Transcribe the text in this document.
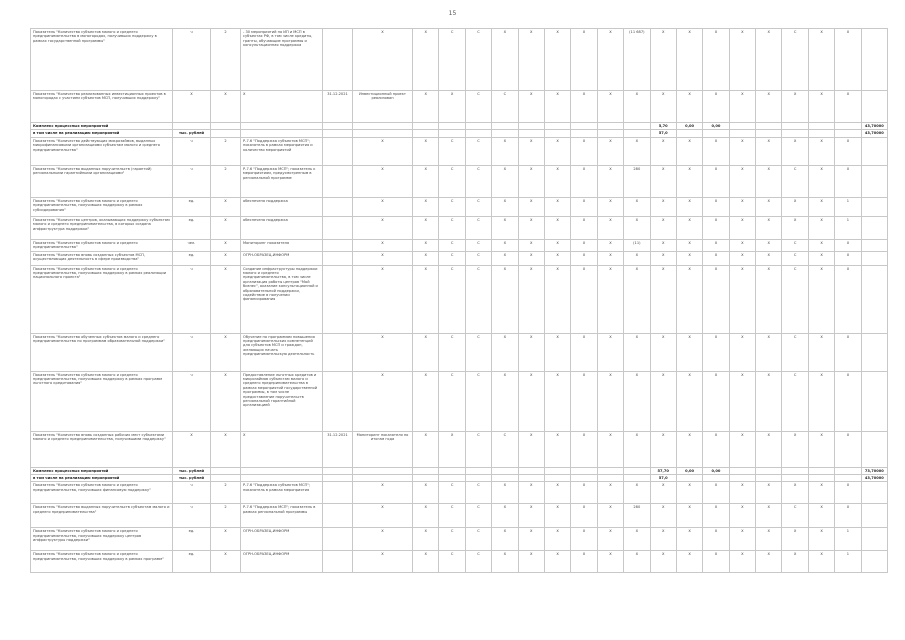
15
Показатель "Количество субъектов малого и среднего предпринимательства в моногородах, получивших поддержку в рамках государственной программы"	ч	2	- 30 мероприятий по ИП и МСП в субъектах РФ, в том числе кредиты, гранты, обучающие программы и консультационная поддержка		Х	Х	С	С	Х	Х	Х	Х	Х	(11 687)	Х	Х	Х	Х	Х	С	Х	Х	
Показатель "Количество реализованных инвестиционных проектов в моногородах с участием субъектов МСП, получивших поддержку"	Х	Х	Х	31.12.2021	Инвестиционный проект реализован	Х	Х	С	С	Х	Х	Х	Х	Х	Х	Х	Х	Х	Х	Х	Х	Х	
Комплекс процессных мероприятий															5,70	0,00	0,00						43,70000
в том числе на реализацию мероприятий	тыс. рублей														57,0								43,70000
Показатель "Количество действующих микрозаймов, выданных микрофинансовыми организациями субъектам малого и среднего предпринимательства"	ч	2	Р-7.6 "Поддержка субъектов МСП"; показатель в рамках мероприятия и количество мероприятий		Х	Х	С	С	Х	Х	Х	Х	Х	Х	Х	Х	Х	Х	Х	Х	Х	Х	
Показатель "Количество выданных поручительств (гарантий) региональными гарантийными организациями"	ч	2	Р-7.6 "Поддержка МСП"; показатель к мероприятиям, предусмотренным в региональной программе		Х	Х	С	С	Х	Х	Х	Х	Х	280	Х	Х	Х	Х	Х	С	Х	Х	
Показатель "Количество субъектов малого и среднего предпринимательства, получивших поддержку в рамках субсидирования"	ед.	Х	обеспечена поддержка		Х	Х	С	С	Х	Х	Х	Х	Х	Х	Х	Х	Х	Х	Х	Х	Х	1	
Показатель "Количество центров, оказывающих поддержку субъектам малого и среднего предпринимательства, в которых создана инфраструктура поддержки"	ед.	Х	обеспечена поддержка		Х	Х	С	С	Х	Х	Х	Х	Х	Х	Х	Х	Х	Х	Х	Х	Х	1	
Показатель "Количество субъектов малого и среднего предпринимательства"	чел.	Х	Мониторинг показателя		Х	Х	С	С	Х	Х	Х	Х	Х	(11)	Х	Х	Х	Х	Х	С	Х	Х	
Показатель "Количество вновь созданных субъектов МСП, осуществляющих деятельность в сфере производства"	ед.	Х	ОГРН-ОБРАЗЕЦ-ИНФОРМ		Х	Х	С	С	Х	Х	Х	Х	Х	Х	Х	Х	Х	Х	Х	С	Х	Х	
Показатель "Количество субъектов малого и среднего предпринимательства, получивших поддержку в рамках реализации национального проекта"	ч	Х	Создание инфраструктуры поддержки малого и среднего предпринимательства, в том числе организация работы центров "Мой бизнес", оказание консультационной и образовательной поддержки, содействие в получении финансирования		Х	Х	С	С	Х	Х	Х	Х	Х	Х	Х	Х	Х	Х	Х	С	Х	Х	
Показатель "Количество обученных субъектов малого и среднего предпринимательства по программам образовательной поддержки"	ч	Х	Обучение по программам повышения предпринимательских компетенций для субъектов МСП и граждан, желающих начать предпринимательскую деятельность		Х	Х	С	С	Х	Х	Х	Х	Х	Х	Х	Х	Х	Х	Х	С	Х	Х	
Показатель "Количество субъектов малого и среднего предпринимательства, получивших поддержку в рамках программ льготного кредитования"	ч	Х	Предоставление льготных кредитов и микрозаймов субъектам малого и среднего предпринимательства в рамках мероприятий государственной программы, в том числе предоставление поручительств региональной гарантийной организацией		Х	Х	С	С	Х	Х	Х	Х	Х	Х	Х	Х	Х	Х	Х	С	Х	Х	
Показатель "Количество вновь созданных рабочих мест субъектами малого и среднего предпринимательства, получившими поддержку"	Х	Х	Х	31.12.2021	Мониторинг показателя по итогам года	Х	Х	С	С	Х	Х	Х	Х	Х	Х	Х	Х	Х	Х	Х	Х	Х	
Комплекс процессных мероприятий	тыс. рублей														57,70	0,00	0,00						73,70000
в том числе на реализацию мероприятий	тыс. рублей														57,0								43,70000
Показатель "Количество субъектов малого и среднего предпринимательства, получивших финансовую поддержку"	ч	2	Р-7.6 "Поддержка субъектов МСП"; показатель в рамках мероприятия		Х	Х	С	С	Х	Х	Х	Х	Х	Х	Х	Х	Х	Х	Х	Х	Х	Х	
Показатель "Количество выданных поручительств субъектам малого и среднего предпринимательства"	ч	2	Р-7.6 "Поддержка МСП"; показатель в рамках региональной программы		Х	Х	С	С	Х	Х	Х	Х	Х	280	Х	Х	Х	Х	Х	С	Х	Х	
Показатель "Количество субъектов малого и среднего предпринимательства, получивших поддержку центров инфраструктуры поддержки"	ед.	Х	ОГРН-ОБРАЗЕЦ-ИНФОРМ		Х	Х	С	С	Х	Х	Х	Х	Х	Х	Х	Х	Х	Х	Х	Х	Х	1	
Показатель "Количество субъектов малого и среднего предпринимательства, получивших поддержку в рамках программ"	ед.	Х	ОГРН-ОБРАЗЕЦ-ИНФОРМ		Х	Х	С	С	Х	Х	Х	Х	Х	Х	Х	Х	Х	Х	Х	Х	Х	1	
